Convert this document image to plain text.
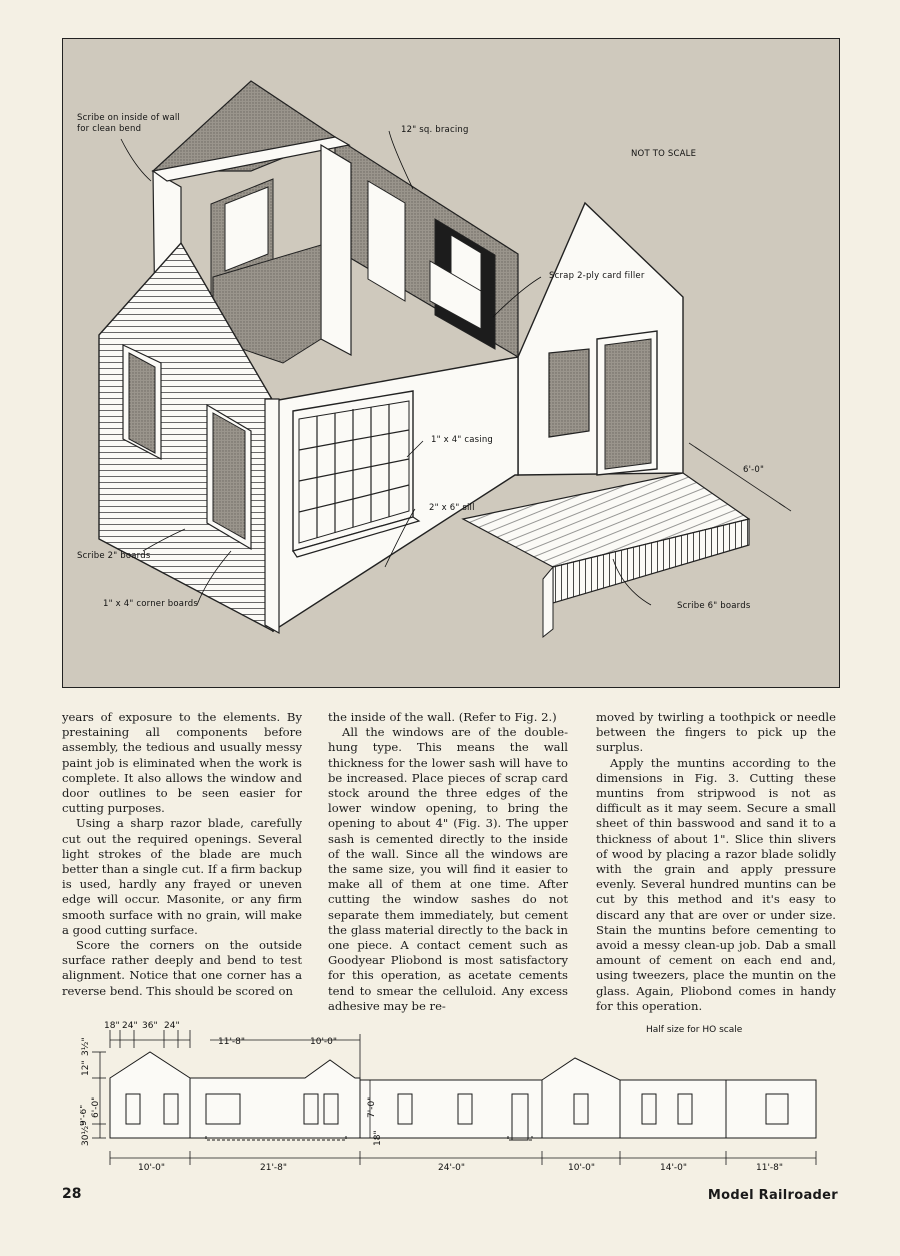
Scribe on inside of wall for clean bend	12" sq. bracing
NOT TO SCALE
Scrap 2-ply card filler
1" x 4" casing
2" x 6" sill
6'-0"
Scribe 2" boards
1" x 4" corner boards	Scribe 6" boards

years of exposure to the elements. By prestaining all components before assembly, the tedious and usually messy paint job is eliminated when the work is complete. It also allows the window and door outlines to be seen easier for cutting purposes.

Using a sharp razor blade, carefully cut out the required openings. Several light strokes of the blade are much better than a single cut. If a firm backup is used, hardly any frayed or uneven edge will occur. Masonite, or any firm smooth surface with no grain, will make a good cutting surface.

Score the corners on the outside surface rather deeply and bend to test alignment. Notice that one corner has a reverse bend. This should be scored on

the inside of the wall. (Refer to Fig. 2.)

All the windows are of the double-hung type. This means the wall thickness for the lower sash will have to be increased. Place pieces of scrap card stock around the three edges of the lower window opening, to bring the opening to about 4" (Fig. 3). The upper sash is cemented directly to the inside of the wall. Since all the windows are the same size, you will find it easier to make all of them at one time. After cutting the window sashes do not separate them immediately, but cement the glass material directly to the back in one piece. A contact cement such as Goodyear Pliobond is most satisfactory for this operation, as acetate cements tend to smear the celluloid. Any excess adhesive may be re-

moved by twirling a toothpick or needle between the fingers to pick up the surplus.

Apply the muntins according to the dimensions in Fig. 3. Cutting these muntins from stripwood is not as difficult as it may seem. Secure a small sheet of thin basswood and sand it to a thickness of about 1". Slice thin slivers of wood by placing a razor blade solidly with the grain and apply pressure evenly. Several hundred muntins can be cut by this method and it's easy to discard any that are over or under size. Stain the muntins before cementing to avoid a messy clean-up job. Dab a small amount of cement on each end and, using tweezers, place the muntin on the glass. Again, Pliobond comes in handy for this operation.

18" 24" 36" 24"
11'-8"	10'-0"
3½"
12"
6'-0"
9'-6"
30½"
7'-0"
18"
10'-0"	21'-8"	24'-0"	10'-0"	14'-0"	11'-8"
Half size for HO scale
28	Model Railroader
